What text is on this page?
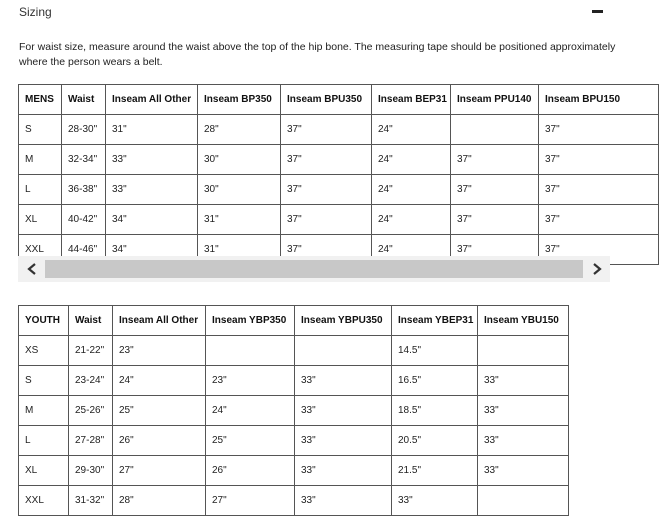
Sizing
For waist size, measure around the waist above the top of the hip bone. The measuring tape should be positioned approximately
where the person wears a belt.
MENS	Waist	Inseam All Other	Inseam BP350	Inseam BPU350	Inseam BEP31	Inseam PPU140	Inseam BPU150
S	28-30"	31"	28"	37"	24"		37"
M	32-34"	33"	30"	37"	24"	37"	37"
L	36-38"	33"	30"	37"	24"	37"	37"
XL	40-42"	34"	31"	37"	24"	37"	37"
XXL	44-46"	34"	31"	37"	24"	37"	37"
YOUTH	Waist	Inseam All Other	Inseam YBP350	Inseam YBPU350	Inseam YBEP31	Inseam YBU150
XS	21-22"	23"			14.5"	
S	23-24"	24"	23"	33"	16.5"	33"
M	25-26"	25"	24"	33"	18.5"	33"
L	27-28"	26"	25"	33"	20.5"	33"
XL	29-30"	27"	26"	33"	21.5"	33"
XXL	31-32"	28"	27"	33"	33"	
